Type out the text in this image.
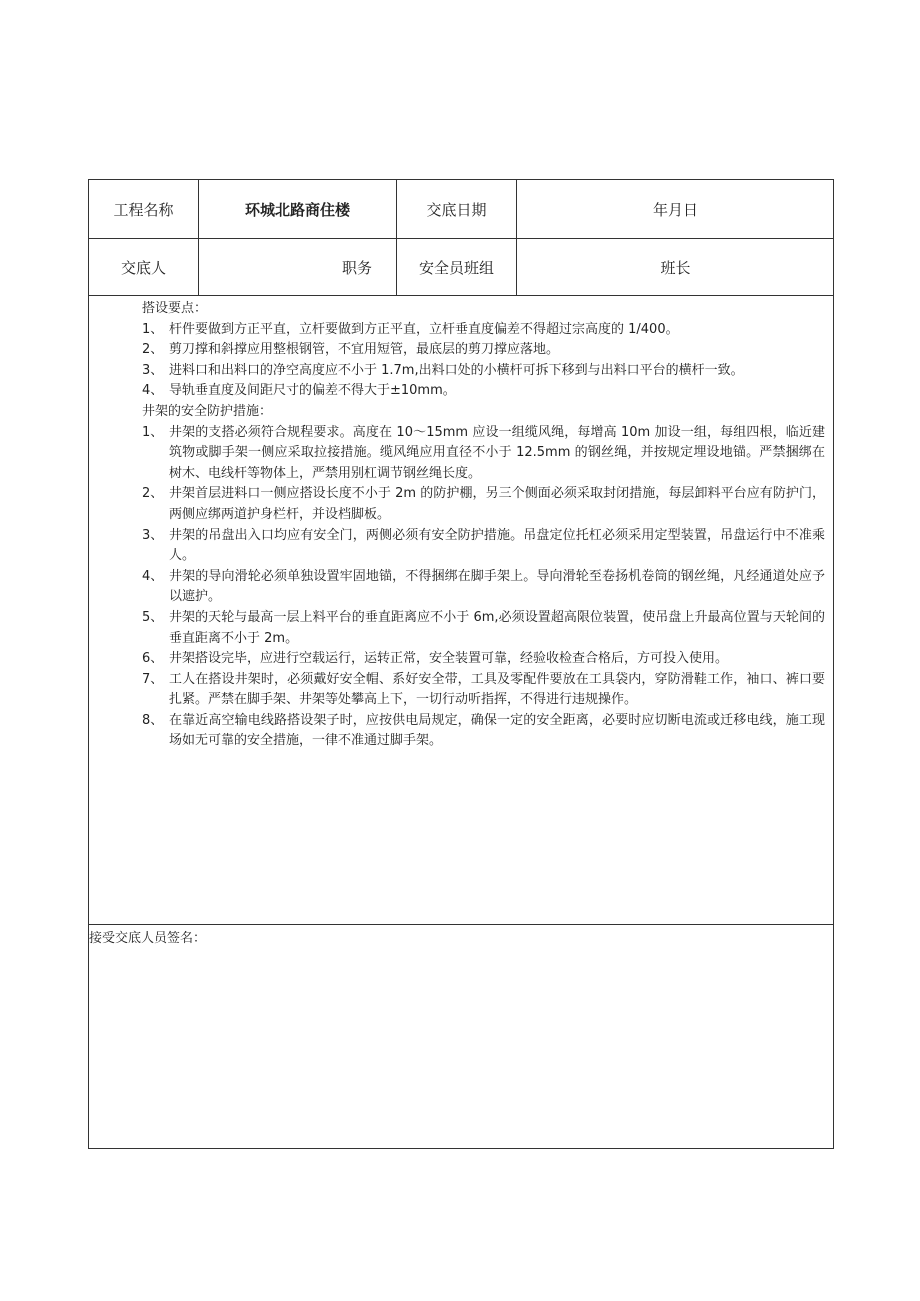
工程名称	环城北路商住楼	交底日期	年月日
交底人	职务	安全员班组	班长
搭设要点：
1、 杆件要做到方正平直，立杆要做到方正平直，立杆垂直度偏差不得超过宗高度的 1/400。
2、 剪刀撑和斜撑应用整根钢管，不宜用短管，最底层的剪刀撑应落地。
3、 进料口和出料口的净空高度应不小于 1.7m,出料口处的小横杆可拆下移到与出料口平台的横杆一致。
4、 导轨垂直度及间距尺寸的偏差不得大于±10mm。
井架的安全防护措施：
1、 井架的支搭必须符合规程要求。高度在 10～15mm 应设一组缆风绳，每增高 10m 加设一组，每组四根，临近建筑物或脚手架一侧应采取拉接措施。缆风绳应用直径不小于 12.5mm 的钢丝绳，并按规定埋设地锚。严禁捆绑在树木、电线杆等物体上，严禁用别杠调节钢丝绳长度。
2、 井架首层进料口一侧应搭设长度不小于 2m 的防护棚，另三个侧面必须采取封闭措施，每层卸料平台应有防护门，两侧应绑两道护身栏杆，并设档脚板。
3、 井架的吊盘出入口均应有安全门，两侧必须有安全防护措施。吊盘定位托杠必须采用定型装置，吊盘运行中不准乘人。
4、 井架的导向滑轮必须单独设置牢固地锚，不得捆绑在脚手架上。导向滑轮至卷扬机卷筒的钢丝绳，凡经通道处应予以遮护。
5、 井架的天轮与最高一层上料平台的垂直距离应不小于 6m,必须设置超高限位装置，使吊盘上升最高位置与天轮间的垂直距离不小于 2m。
6、 井架搭设完毕，应进行空载运行，运转正常，安全装置可靠，经验收检查合格后，方可投入使用。
7、 工人在搭设井架时，必须戴好安全帽、系好安全带，工具及零配件要放在工具袋内，穿防滑鞋工作，袖口、裤口要扎紧。严禁在脚手架、井架等处攀高上下，一切行动听指挥，不得进行违规操作。
8、 在靠近高空输电线路搭设架子时，应按供电局规定，确保一定的安全距离，必要时应切断电流或迁移电线，施工现场如无可靠的安全措施，一律不准通过脚手架。
接受交底人员签名：
